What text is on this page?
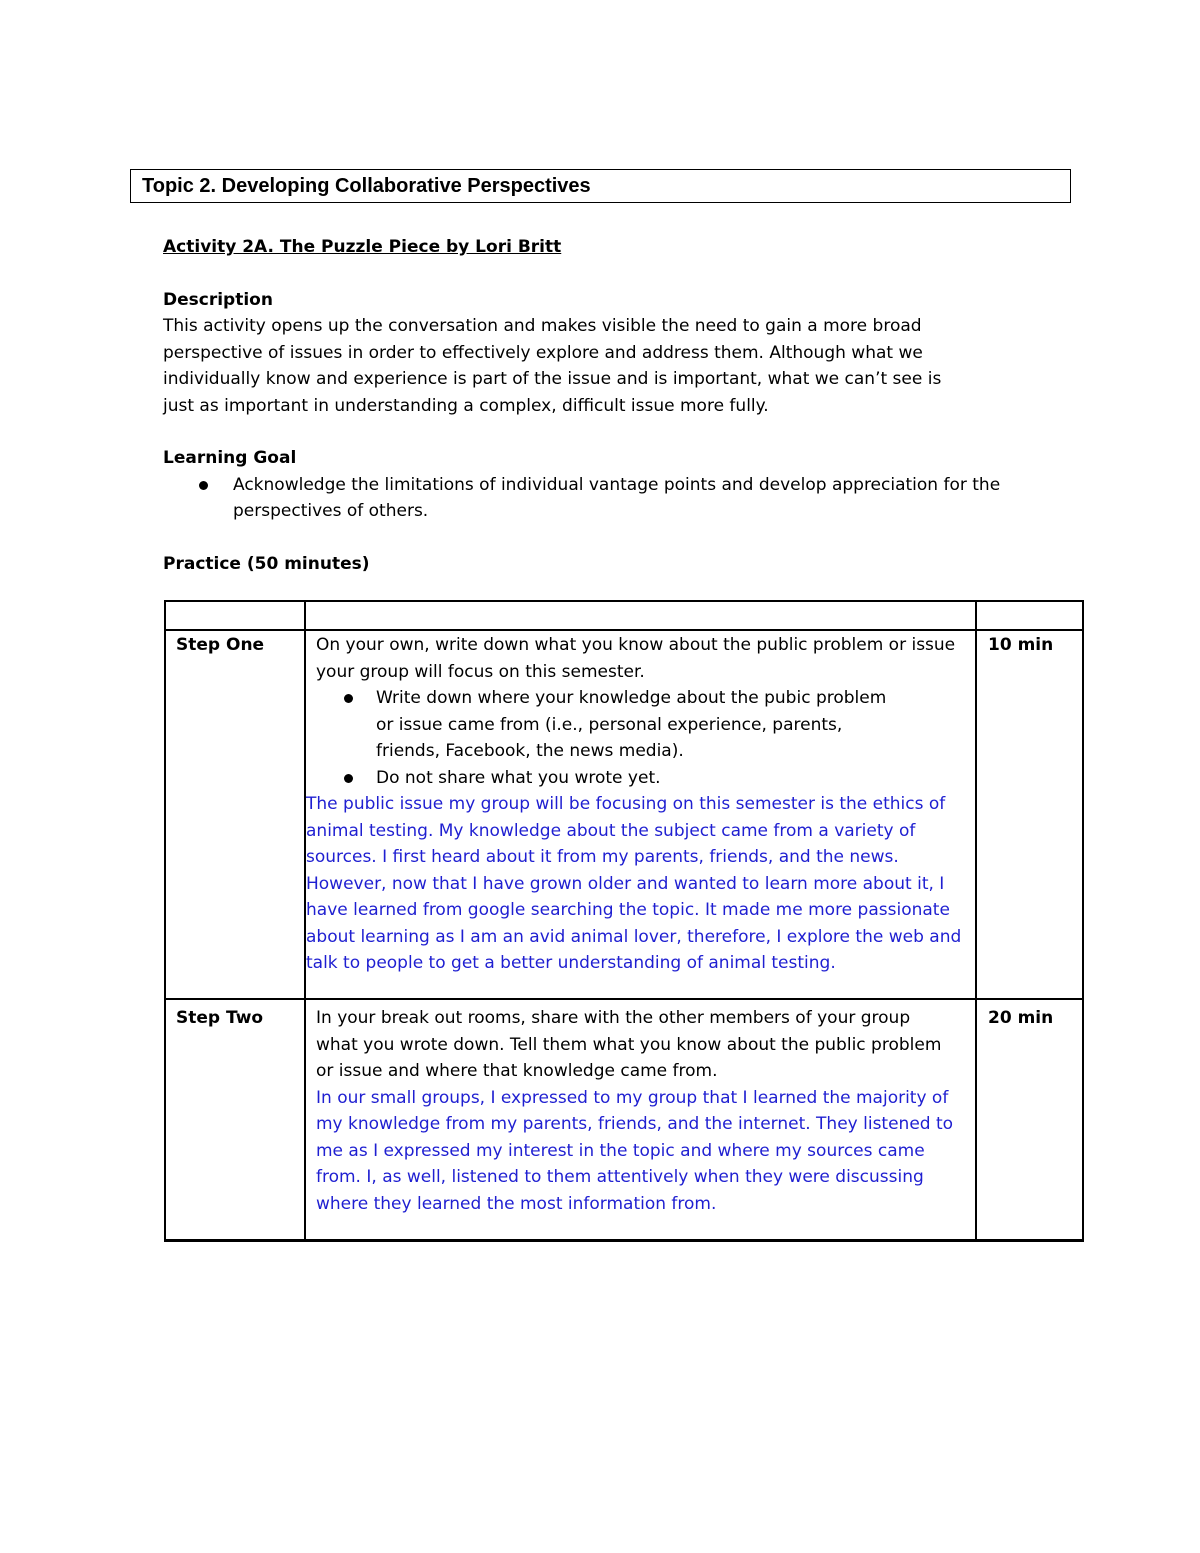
Topic 2. Developing Collaborative Perspectives

Activity 2A. The Puzzle Piece by Lori Britt

Description

This activity opens up the conversation and makes visible the need to gain a more broad perspective of issues in order to effectively explore and address them. Although what we individually know and experience is part of the issue and is important, what we can’t see is just as important in understanding a complex, difficult issue more fully.

Learning Goal

Acknowledge the limitations of individual vantage points and develop appreciation for the perspectives of others.

Practice (50 minutes)

Step One	On your own, write down what you know about the public problem or issue your group will focus on this semester.

Write down where your knowledge about the pubic problem or issue came from (i.e., personal experience, parents, friends, Facebook, the news media).
Do not share what you wrote yet.

The public issue my group will be focusing on this semester is the ethics of animal testing. My knowledge about the subject came from a variety of sources. I first heard about it from my parents, friends, and the news. However, now that I have grown older and wanted to learn more about it, I have learned from google searching the topic. It made me more passionate about learning as I am an avid animal lover, therefore, I explore the web and talk to people to get a better understanding of animal testing.

10 min
Step Two	In your break out rooms, share with the other members of your group what you wrote down. Tell them what you know about the public problem or issue and where that knowledge came from.

In our small groups, I expressed to my group that I learned the majority of my knowledge from my parents, friends, and the internet. They listened to me as I expressed my interest in the topic and where my sources came from. I, as well, listened to them attentively when they were discussing where they learned the most information from.

20 min
